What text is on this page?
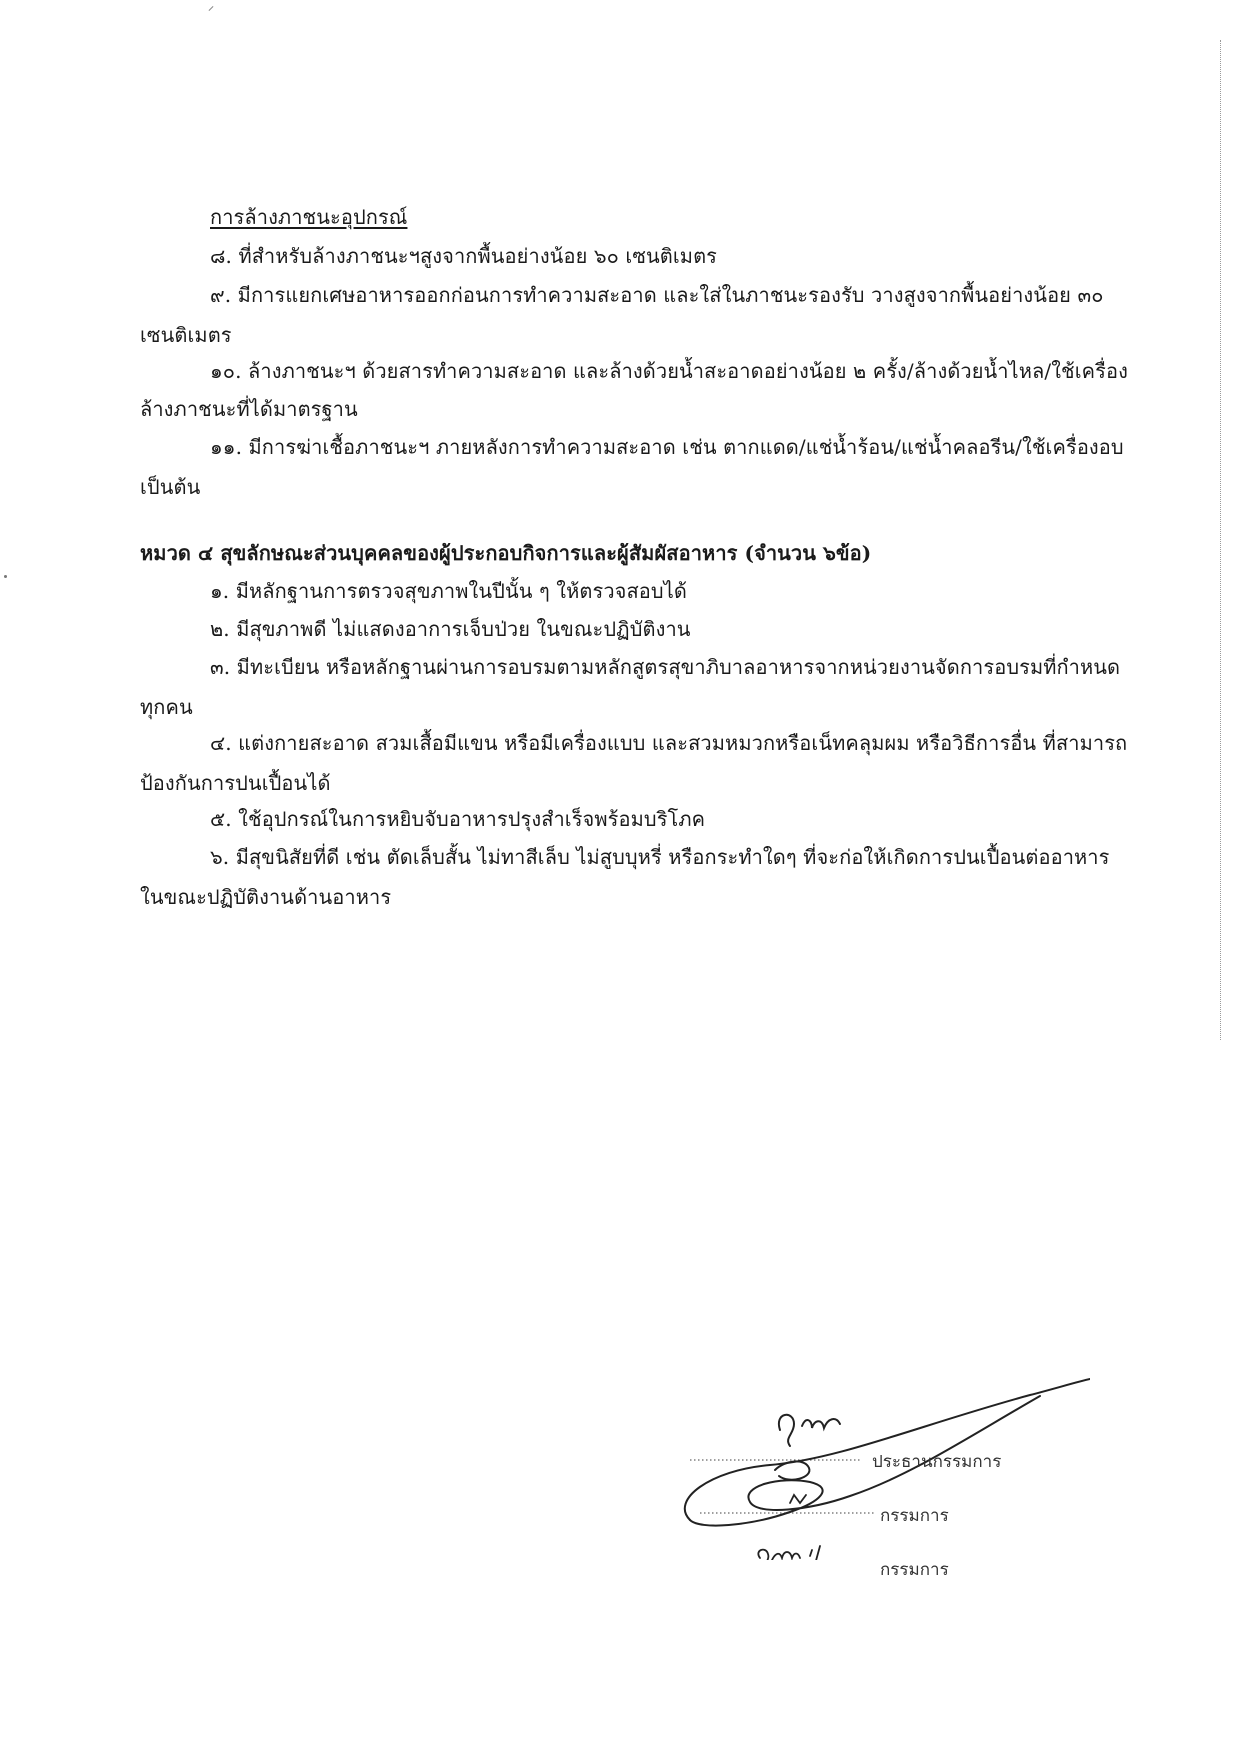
การล้างภาชนะอุปกรณ์
๘. ที่สำหรับล้างภาชนะฯสูงจากพื้นอย่างน้อย ๖๐ เซนติเมตร
๙. มีการแยกเศษอาหารออกก่อนการทำความสะอาด และใส่ในภาชนะรองรับ วางสูงจากพื้นอย่างน้อย ๓๐
เซนติเมตร
๑๐. ล้างภาชนะฯ ด้วยสารทำความสะอาด และล้างด้วยน้ำสะอาดอย่างน้อย ๒ ครั้ง/ล้างด้วยน้ำไหล/ใช้เครื่อง
ล้างภาชนะที่ได้มาตรฐาน
๑๑. มีการฆ่าเชื้อภาชนะฯ ภายหลังการทำความสะอาด เช่น ตากแดด/แช่น้ำร้อน/แช่น้ำคลอรีน/ใช้เครื่องอบ
เป็นต้น
หมวด ๔ สุขลักษณะส่วนบุคคลของผู้ประกอบกิจการและผู้สัมผัสอาหาร (จำนวน ๖ข้อ)
๑. มีหลักฐานการตรวจสุขภาพในปีนั้น ๆ ให้ตรวจสอบได้
๒. มีสุขภาพดี ไม่แสดงอาการเจ็บป่วย ในขณะปฏิบัติงาน
๓. มีทะเบียน หรือหลักฐานผ่านการอบรมตามหลักสูตรสุขาภิบาลอาหารจากหน่วยงานจัดการอบรมที่กำหนด
ทุกคน
๔. แต่งกายสะอาด สวมเสื้อมีแขน หรือมีเครื่องแบบ และสวมหมวกหรือเน็ทคลุมผม หรือวิธีการอื่น ที่สามารถ
ป้องกันการปนเปื้อนได้
๕. ใช้อุปกรณ์ในการหยิบจับอาหารปรุงสำเร็จพร้อมบริโภค
๖. มีสุขนิสัยที่ดี เช่น ตัดเล็บสั้น ไม่ทาสีเล็บ ไม่สูบบุหรี่ หรือกระทำใดๆ ที่จะก่อให้เกิดการปนเปื้อนต่ออาหาร
ในขณะปฏิบัติงานด้านอาหาร
ประธานกรรมการ
กรรมการ
กรรมการ
